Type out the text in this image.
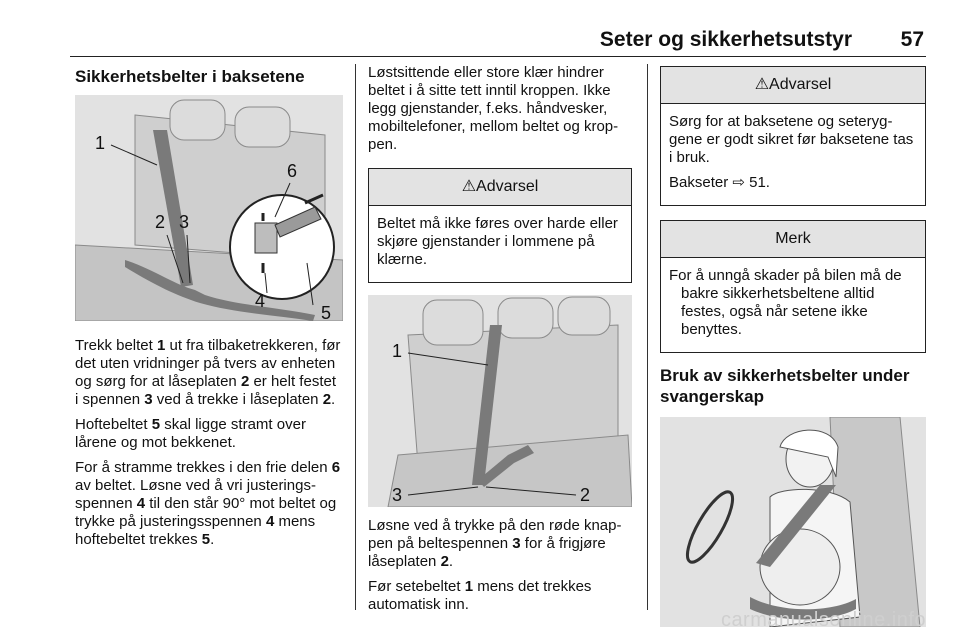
Seter og sikkerhetsutstyr 57
Sikkerhetsbelter i baksetene
1
2 3
4
5
6

Trekk beltet 1 ut fra tilbaketrekkeren, før det uten vridninger på tvers av enheten og sørg for at låseplaten 2 er helt festet i spennen 3 ved å trekke i låseplaten 2.

Hoftebeltet 5 skal ligge stramt over lårene og mot bekkenet.

For å stramme trekkes i den frie delen 6 av beltet. Løsne ved å vri justerings-spennen 4 til den står 90° mot beltet og trykke på justeringsspennen 4 mens hoftebeltet trekkes 5.

Løstsittende eller store klær hindrer beltet i å sitte tett inntil kroppen. Ikke legg gjenstander, f.eks. håndvesker, mobiltelefoner, mellom beltet og krop-pen.

⚠Advarsel

Beltet må ikke føres over harde eller skjøre gjenstander i lommene på klærne.

1
3	2

Løsne ved å trykke på den røde knap-pen på beltespennen 3 for å frigjøre låseplaten 2.

Før setebeltet 1 mens det trekkes automatisk inn.

⚠Advarsel

Sørg for at baksetene og seteryg-gene er godt sikret før baksetene tas i bruk.

Bakseter ⇨ 51.

Merk

For å unngå skader på bilen må de bakre sikkerhetsbeltene alltid festes, også når setene ikke benyttes.

Bruk av sikkerhetsbelter under svangerskap
carmanualsonline.info
